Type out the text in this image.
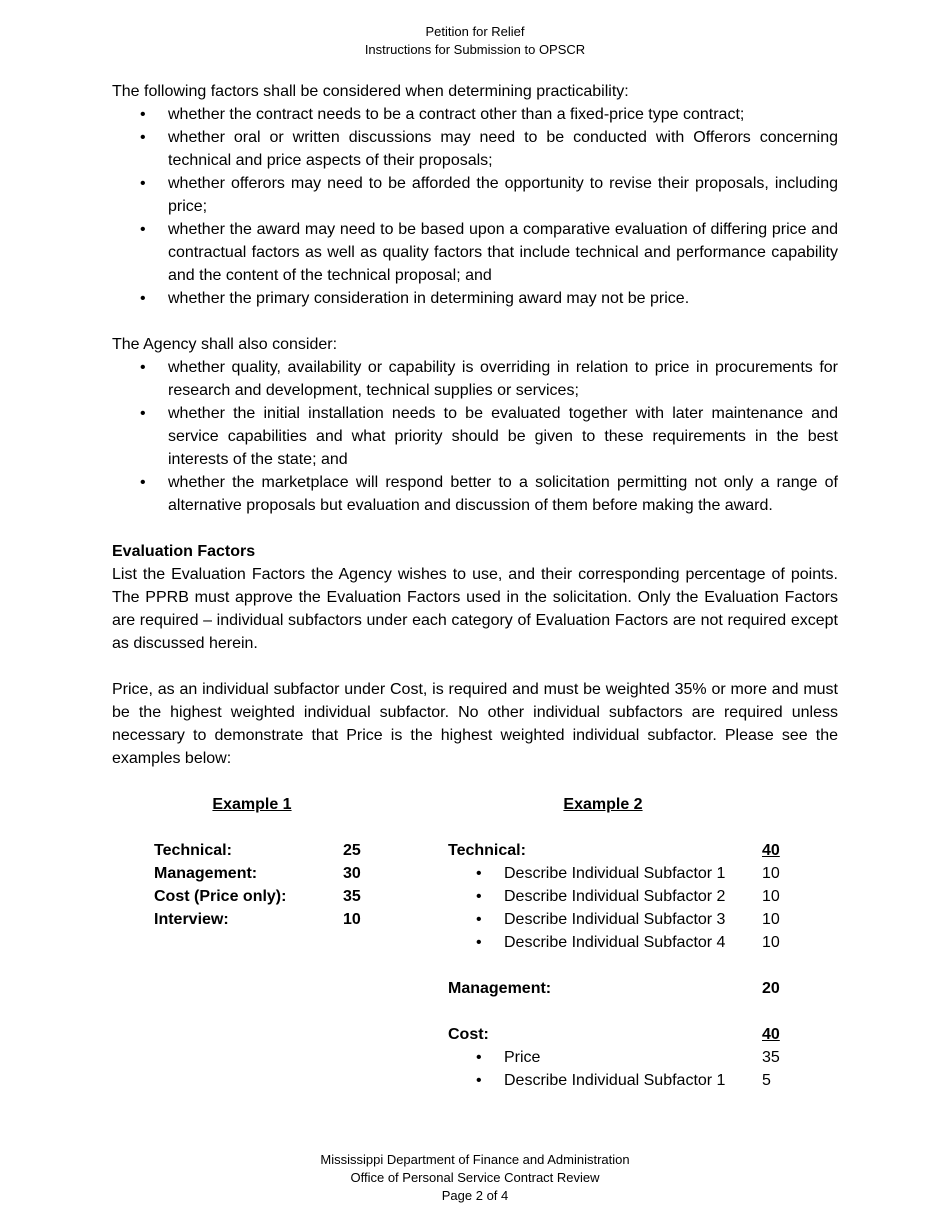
Petition for Relief
Instructions for Submission to OPSCR

The following factors shall be considered when determining practicability:

• whether the contract needs to be a contract other than a fixed-price type contract;
• whether oral or written discussions may need to be conducted with Offerors concerning technical and price aspects of their proposals;
• whether offerors may need to be afforded the opportunity to revise their proposals, including price;
• whether the award may need to be based upon a comparative evaluation of differing price and contractual factors as well as quality factors that include technical and performance capability and the content of the technical proposal; and
• whether the primary consideration in determining award may not be price.

The Agency shall also consider:

• whether quality, availability or capability is overriding in relation to price in procurements for research and development, technical supplies or services;
• whether the initial installation needs to be evaluated together with later maintenance and service capabilities and what priority should be given to these requirements in the best interests of the state; and
• whether the marketplace will respond better to a solicitation permitting not only a range of alternative proposals but evaluation and discussion of them before making the award.

Evaluation Factors

List the Evaluation Factors the Agency wishes to use, and their corresponding percentage of points. The PPRB must approve the Evaluation Factors used in the solicitation. Only the Evaluation Factors are required – individual subfactors under each category of Evaluation Factors are not required except as discussed herein.

Price, as an individual subfactor under Cost, is required and must be weighted 35% or more and must be the highest weighted individual subfactor. No other individual subfactors are required unless necessary to demonstrate that Price is the highest weighted individual subfactor. Please see the examples below:

Example 1
Technical:	25
Management:	30
Cost (Price only):	35
Interview:	10
Example 2
Technical:	40
• Describe Individual Subfactor 1 10
• Describe Individual Subfactor 2 10
• Describe Individual Subfactor 3 10
• Describe Individual Subfactor 4 10
Management:	20
Cost:	40
• Price	35
• Describe Individual Subfactor 1 5
Mississippi Department of Finance and Administration
Office of Personal Service Contract Review
Page 2 of 4
